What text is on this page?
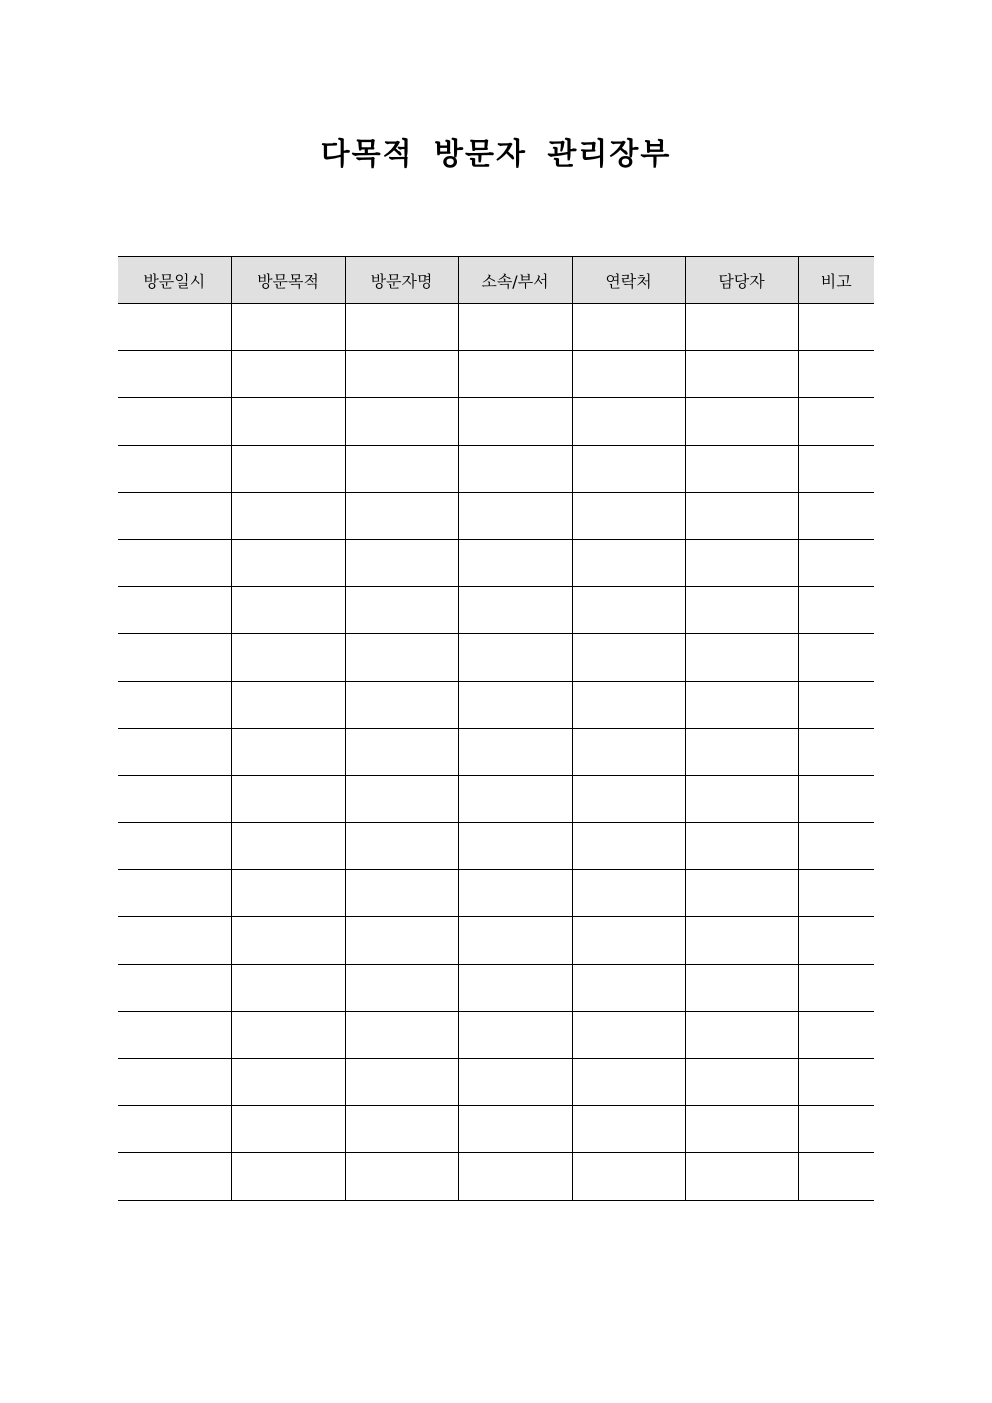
다목적 방문자 관리장부
방문일시	방문목적	방문자명	소속/부서	연락처	담당자	비고
